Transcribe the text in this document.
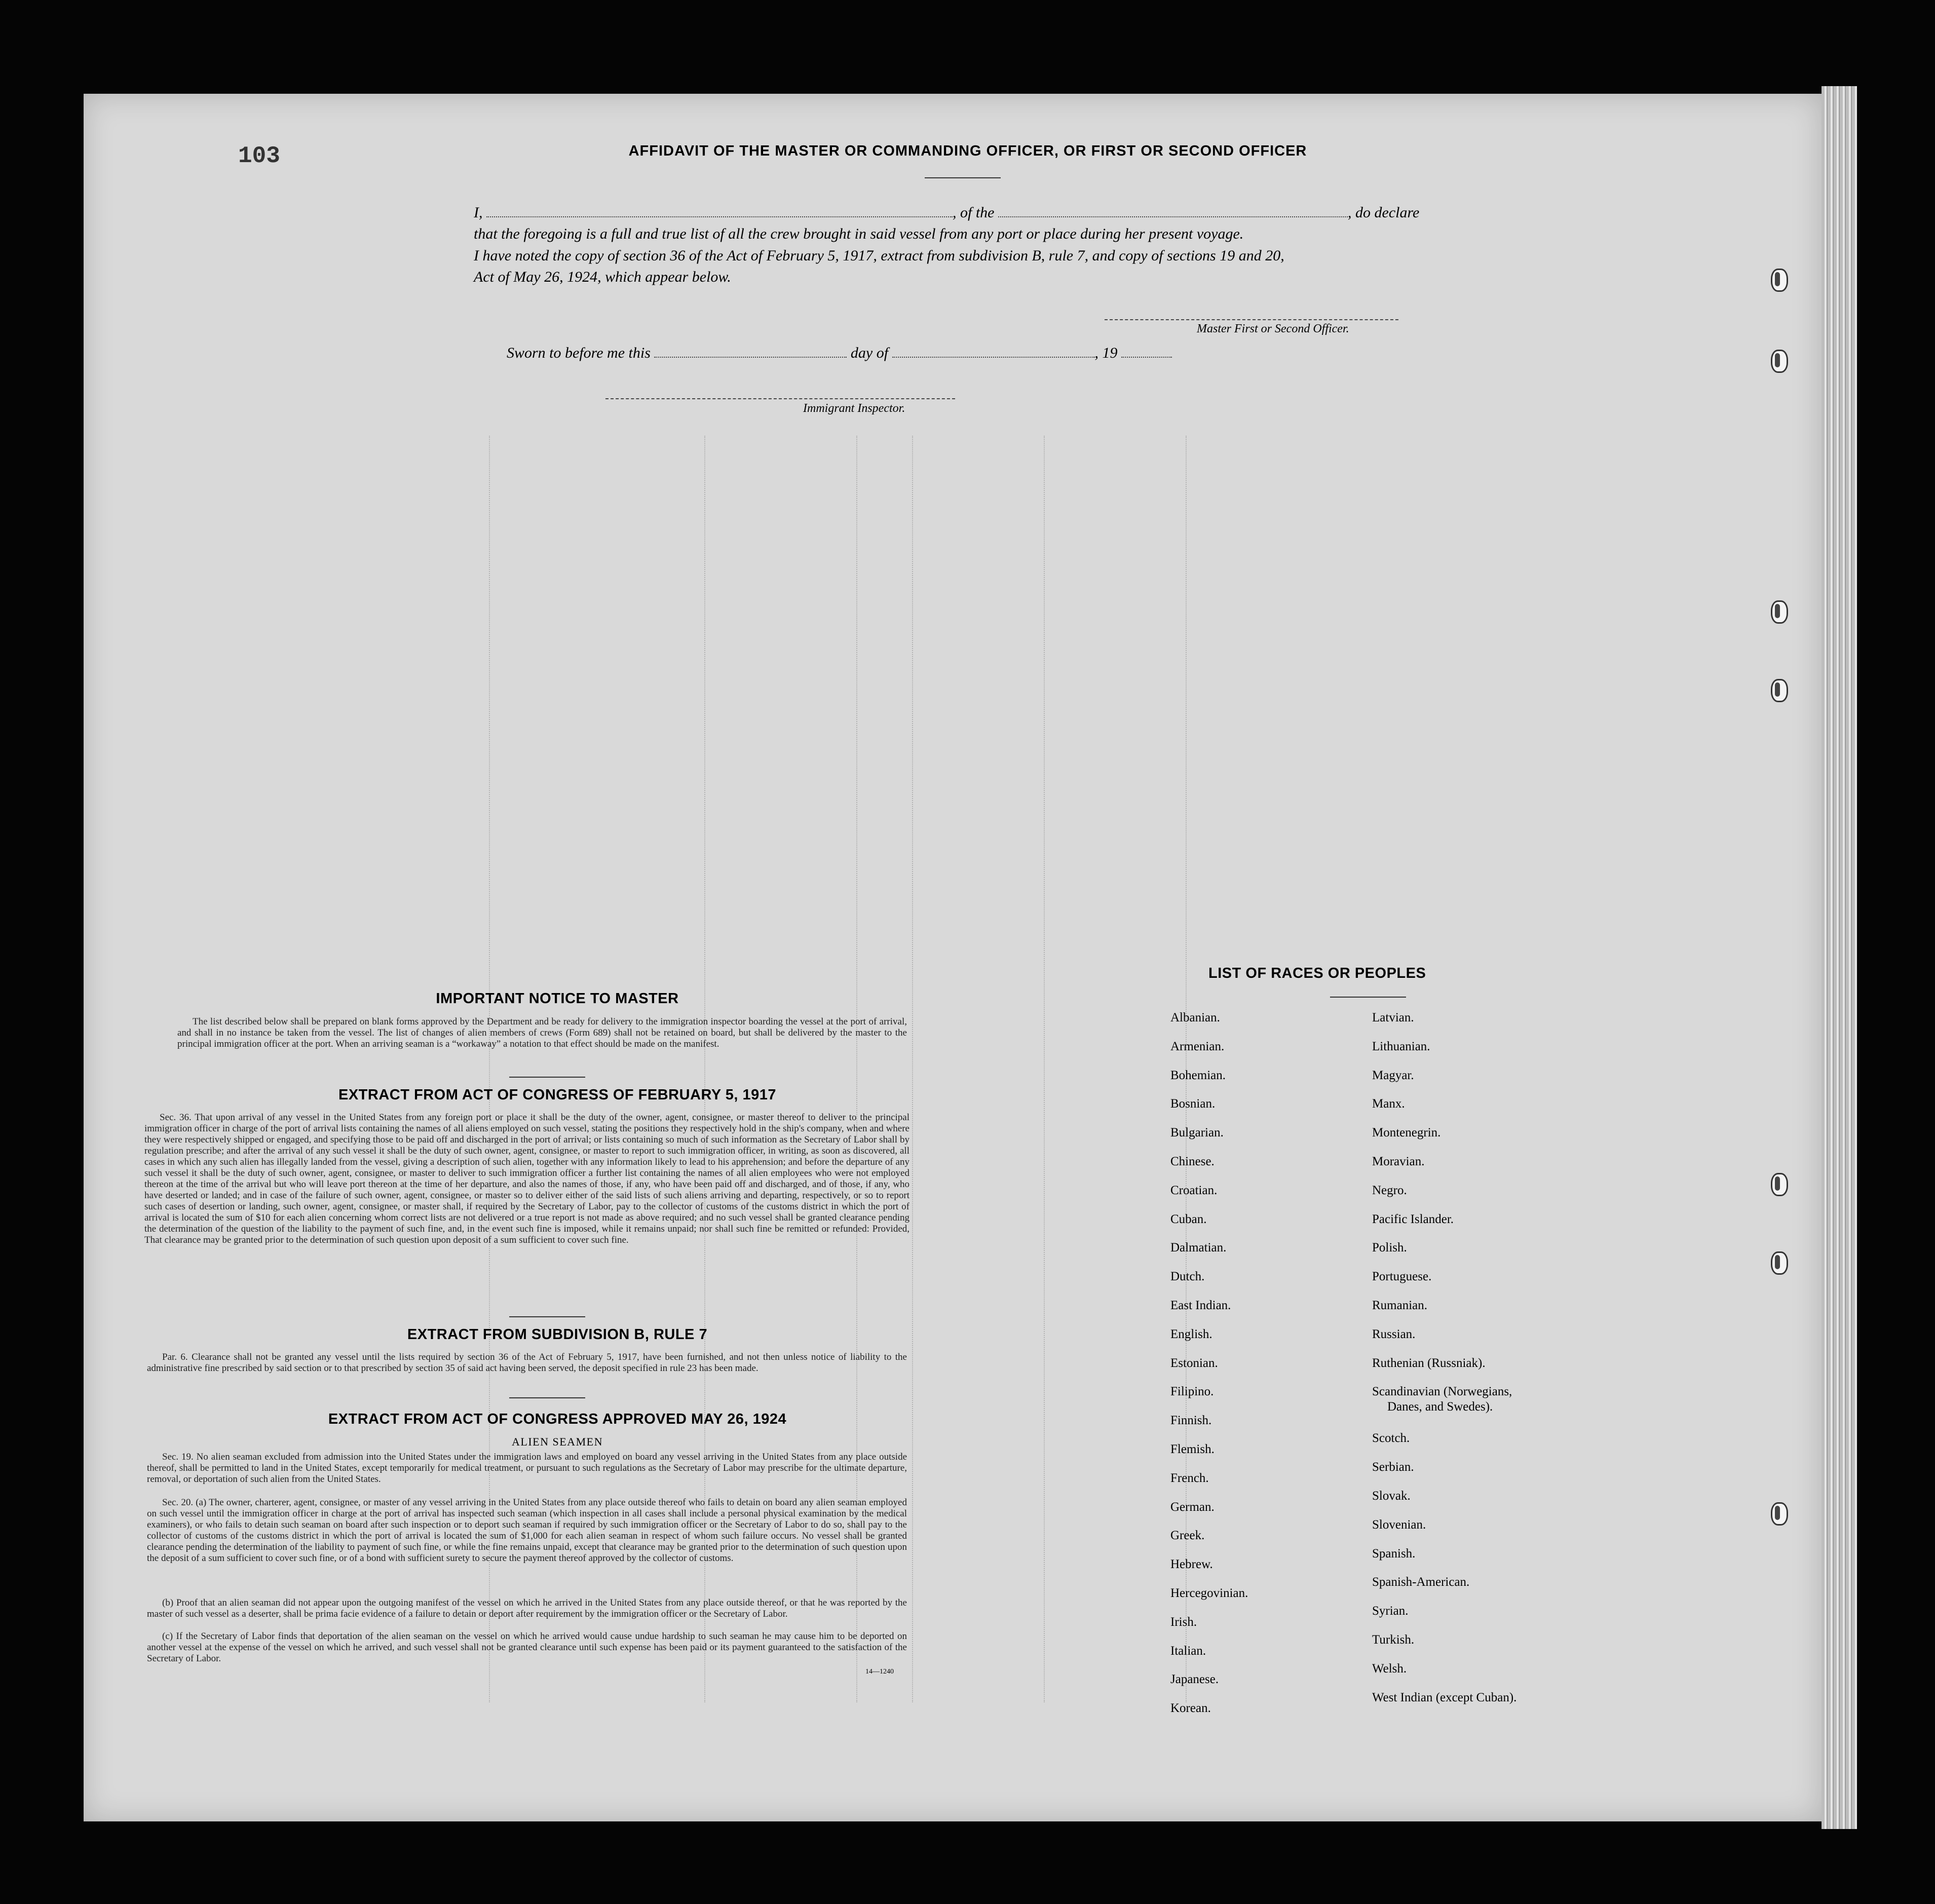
103	AFFIDAVIT OF THE MASTER OR COMMANDING OFFICER, OR FIRST OR SECOND OFFICER
I,	, of the	, do declare
that the foregoing is a full and true list of all the crew brought in said vessel from any port or place during her present voyage.
I have noted the copy of section 36 of the Act of February 5, 1917, extract from subdivision B, rule 7, and copy of sections 19 and 20,
Act of May 26, 1924, which appear below.
Master First or Second Officer.
Sworn to before me this	day of	, 19
Immigrant Inspector.
IMPORTANT NOTICE TO MASTER
The list described below shall be prepared on blank forms approved by the Department and be ready for delivery to the immigration inspector boarding the vessel at the port of arrival, and shall in no instance be taken from the vessel. The list of changes of alien members of crews (Form 689) shall not be retained on board, but shall be delivered by the master to the principal immigration officer at the port. When an arriving seaman is a “workaway” a notation to that effect should be made on the manifest.
EXTRACT FROM ACT OF CONGRESS OF FEBRUARY 5, 1917
Sec. 36. That upon arrival of any vessel in the United States from any foreign port or place it shall be the duty of the owner, agent, consignee, or master thereof to deliver to the principal immigration officer in charge of the port of arrival lists containing the names of all aliens employed on such vessel, stating the positions they respectively hold in the ship's company, when and where they were respectively shipped or engaged, and specifying those to be paid off and discharged in the port of arrival; or lists containing so much of such information as the Secretary of Labor shall by regulation prescribe; and after the arrival of any such vessel it shall be the duty of such owner, agent, consignee, or master to report to such immigration officer, in writing, as soon as discovered, all cases in which any such alien has illegally landed from the vessel, giving a description of such alien, together with any information likely to lead to his apprehension; and before the departure of any such vessel it shall be the duty of such owner, agent, consignee, or master to deliver to such immigration officer a further list containing the names of all alien employees who were not employed thereon at the time of the arrival but who will leave port thereon at the time of her departure, and also the names of those, if any, who have been paid off and discharged, and of those, if any, who have deserted or landed; and in case of the failure of such owner, agent, consignee, or master so to deliver either of the said lists of such aliens arriving and departing, respectively, or so to report such cases of desertion or landing, such owner, agent, consignee, or master shall, if required by the Secretary of Labor, pay to the collector of customs of the customs district in which the port of arrival is located the sum of $10 for each alien concerning whom correct lists are not delivered or a true report is not made as above required; and no such vessel shall be granted clearance pending the determination of the question of the liability to the payment of such fine, and, in the event such fine is imposed, while it remains unpaid; nor shall such fine be remitted or refunded: Provided, That clearance may be granted prior to the determination of such question upon deposit of a sum sufficient to cover such fine.
EXTRACT FROM SUBDIVISION B, RULE 7
Par. 6. Clearance shall not be granted any vessel until the lists required by section 36 of the Act of February 5, 1917, have been furnished, and not then unless notice of liability to the administrative fine prescribed by said section or to that prescribed by section 35 of said act having been served, the deposit specified in rule 23 has been made.
EXTRACT FROM ACT OF CONGRESS APPROVED MAY 26, 1924
ALIEN SEAMEN
Sec. 19. No alien seaman excluded from admission into the United States under the immigration laws and employed on board any vessel arriving in the United States from any place outside thereof, shall be permitted to land in the United States, except temporarily for medical treatment, or pursuant to such regulations as the Secretary of Labor may prescribe for the ultimate departure, removal, or deportation of such alien from the United States.
Sec. 20. (a) The owner, charterer, agent, consignee, or master of any vessel arriving in the United States from any place outside thereof who fails to detain on board any alien seaman employed on such vessel until the immigration officer in charge at the port of arrival has inspected such seaman (which inspection in all cases shall include a personal physical examination by the medical examiners), or who fails to detain such seaman on board after such inspection or to deport such seaman if required by such immigration officer or the Secretary of Labor to do so, shall pay to the collector of customs of the customs district in which the port of arrival is located the sum of $1,000 for each alien seaman in respect of whom such failure occurs. No vessel shall be granted clearance pending the determination of the liability to payment of such fine, or while the fine remains unpaid, except that clearance may be granted prior to the determination of such question upon the deposit of a sum sufficient to cover such fine, or of a bond with sufficient surety to secure the payment thereof approved by the collector of customs.
(b) Proof that an alien seaman did not appear upon the outgoing manifest of the vessel on which he arrived in the United States from any place outside thereof, or that he was reported by the master of such vessel as a deserter, shall be prima facie evidence of a failure to detain or deport after requirement by the immigration officer or the Secretary of Labor.
(c) If the Secretary of Labor finds that deportation of the alien seaman on the vessel on which he arrived would cause undue hardship to such seaman he may cause him to be deported on another vessel at the expense of the vessel on which he arrived, and such vessel shall not be granted clearance until such expense has been paid or its payment guaranteed to the satisfaction of the Secretary of Labor.
14—1240
LIST OF RACES OR PEOPLES
Albanian.
Armenian.
Bohemian.
Bosnian.
Bulgarian.
Chinese.
Croatian.
Cuban.
Dalmatian.
Dutch.
East Indian.
English.
Estonian.
Filipino.
Finnish.
Flemish.
French.
German.
Greek.
Hebrew.
Hercegovinian.
Irish.
Italian.
Japanese.
Korean.
Latvian.
Lithuanian.
Magyar.
Manx.
Montenegrin.
Moravian.
Negro.
Pacific Islander.
Polish.
Portuguese.
Rumanian.
Russian.
Ruthenian (Russniak).
Scandinavian (Norwegians,
Danes, and Swedes).
Scotch.
Serbian.
Slovak.
Slovenian.
Spanish.
Spanish-American.
Syrian.
Turkish.
Welsh.
West Indian (except Cuban).
